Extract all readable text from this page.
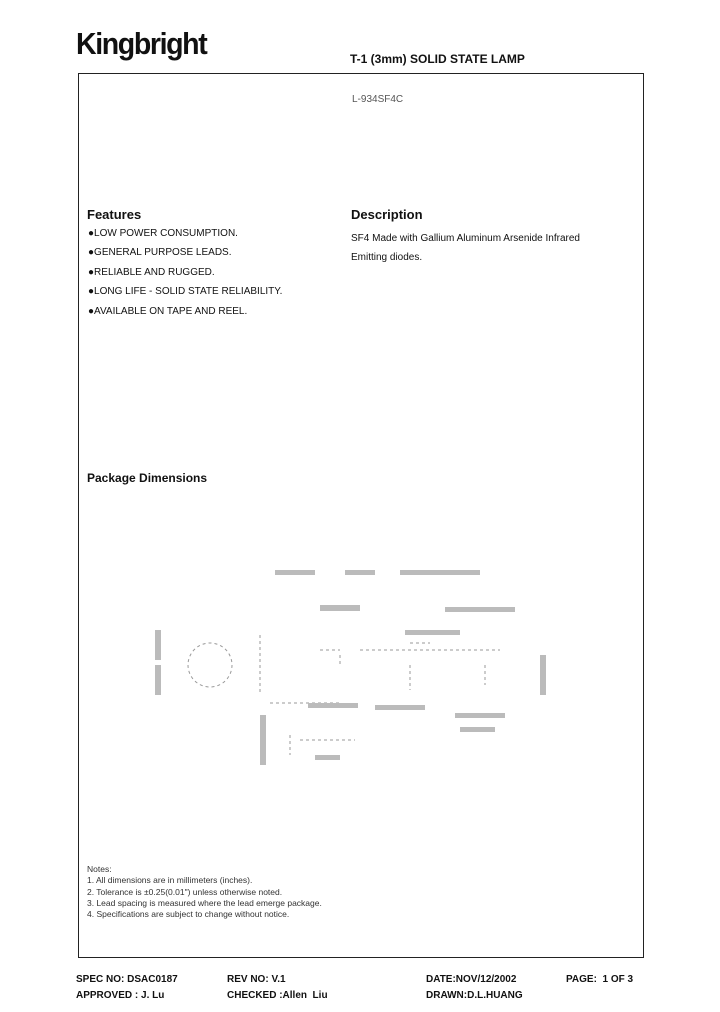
Kingbright	T-1 (3mm) SOLID STATE LAMP
L-934SF4C
Features
●LOW POWER CONSUMPTION.
●GENERAL PURPOSE LEADS.
●RELIABLE AND RUGGED.
●LONG LIFE - SOLID STATE RELIABILITY.
●AVAILABLE ON TAPE AND REEL.
Description
SF4 Made with Gallium Aluminum Arsenide Infrared
Emitting diodes.
Package Dimensions
Notes:
1. All dimensions are in millimeters (inches).
2. Tolerance is ±0.25(0.01") unless otherwise noted.
3. Lead spacing is measured where the lead emerge package.
4. Specifications are subject to change without notice.
SPEC NO: DSAC0187	REV NO: V.1	DATE:NOV/12/2002	PAGE:  1 OF 3
APPROVED : J. Lu	CHECKED :Allen  Liu	DRAWN:D.L.HUANG
